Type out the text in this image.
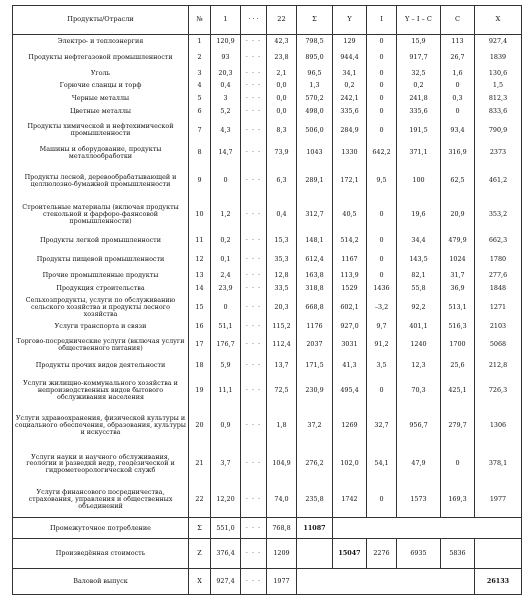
Продукты/Отрасли	№	1	· · ·	22	Σ	Y	I	Y – I – C	C	X
Электро- и теплоэнергия	1	120,9	· · ·	42,3	798,5	129	0	15,9	113	927,4
Продукты нефтегазовой промышленности	2	93	· · ·	23,8	895,0	944,4	0	917,7	26,7	1839
Уголь	3	20,3	· · ·	2,1	96,5	34,1	0	32,5	1,6	130,6
Горючие сланцы и торф	4	0,4	· · ·	0,0	1,3	0,2	0	0,2	0	1,5
Черные металлы	5	3	· · ·	0,0	570,2	242,1	0	241,8	0,3	812,3
Цветные металлы	6	5,2	· · ·	0,0	498,0	335,6	0	335,6	0	833,6
Продукты химической и нефтехимической промышленности	7	4,3	· · ·	8,3	506,0	284,9	0	191,5	93,4	790,9
Машины и оборудование, продукты металлообработки	8	14,7	· · ·	73,9	1043	1330	642,2	371,1	316,9	2373
Продукты лесной, деревообрабатывающей и целлюлозно-бумажной промышленности	9	0	· · ·	6,3	289,1	172,1	9,5	100	62,5	461,2
Строительные материалы (включая продукты стекольной и фарфоро-фаянсовой промышленности)	10	1,2	· · ·	0,4	312,7	40,5	0	19,6	20,9	353,2
Продукты легкой промышленности	11	0,2	· · ·	15,3	148,1	514,2	0	34,4	479,9	662,3
Продукты пищевой промышленности	12	0,1	· · ·	35,3	612,4	1167	0	143,5	1024	1780
Прочие промышленные продукты	13	2,4	· · ·	12,8	163,8	113,9	0	82,1	31,7	277,6
Продукция строительства	14	23,9	· · ·	33,5	318,8	1529	1436	55,8	36,9	1848
Сельхозпродукты, услуги по обслуживанию сельского хозяйства и продукты лесного хозяйства	15	0	· · ·	20,3	668,8	602,1	–3,2	92,2	513,1	1271
Услуги транспорта и связи	16	51,1	· · ·	115,2	1176	927,0	9,7	401,1	516,3	2103
Торгово-посреднические услуги (включая услуги общественного питания)	17	176,7	· · ·	112,4	2037	3031	91,2	1240	1700	5068
Продукты прочих видов деятельности	18	5,9	· · ·	13,7	171,5	41,3	3,5	12,3	25,6	212,8
Услуги жилищно-коммунального хозяйства и непроизводственных видов бытового обслуживания населения	19	11,1	· · ·	72,5	230,9	495,4	0	70,3	425,1	726,3
Услуги здравоохранения, физической культуры и социального обеспечения, образования, культуры и искусства	20	0,9	· · ·	1,8	37,2	1269	32,7	956,7	279,7	1306
Услуги науки и научного обслуживания, геологии и разведки недр, геодезической и гидрометеорологической служб	21	3,7	· · ·	104,9	276,2	102,0	54,1	47,9	0	378,1
Услуги финансового посредничества, страхования, управления и общественных объединений	22	12,20	· · ·	74,0	235,8	1742	0	1573	169,3	1977
Промежуточное потребление	Σ	551,0	· · ·	768,8	11087					
Произведённая стоимость	Z	376,4	· · ·	1209		15047	2276	6935	5836	
Валовой выпуск	X	927,4	· · ·	1977						26133
